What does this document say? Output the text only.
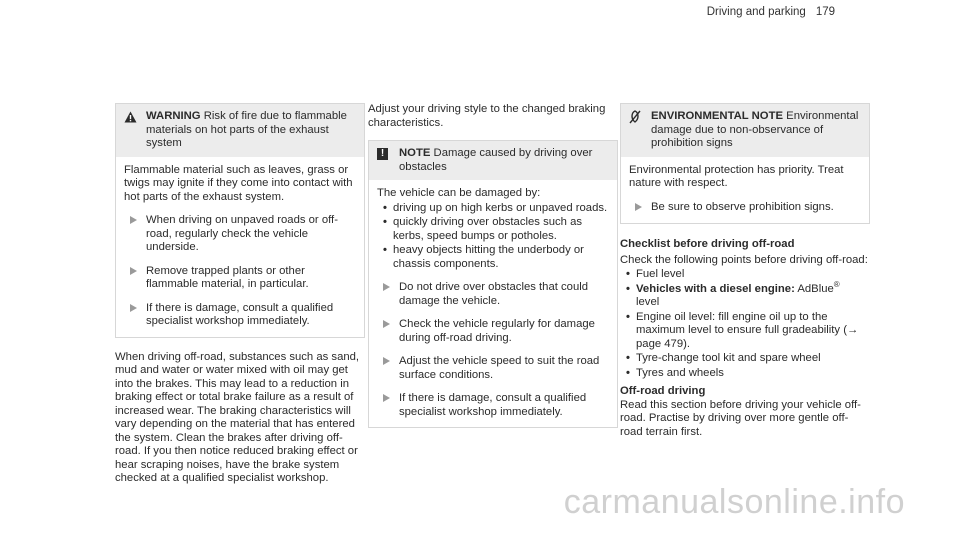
Driving and parking 179
WARNING Risk of fire due to flammable materials on hot parts of the exhaust system

Flammable material such as leaves, grass or twigs may ignite if they come into contact with hot parts of the exhaust system.

When driving on unpaved roads or off-road, regularly check the vehicle underside.
Remove trapped plants or other flammable material, in particular.
If there is damage, consult a qualified specialist workshop immediately.

When driving off-road, substances such as sand, mud and water or water mixed with oil may get into the brakes. This may lead to a reduction in braking effect or total brake failure as a result of increased wear. The braking characteristics will vary depending on the material that has entered the system. Clean the brakes after driving off-road. If you then notice reduced braking effect or hear scraping noises, have the brake system checked at a qualified specialist workshop.

Adjust your driving style to the changed braking characteristics.

!	NOTE Damage caused by driving over obstacles

The vehicle can be damaged by:

• driving up on high kerbs or unpaved roads.
• quickly driving over obstacles such as kerbs, speed bumps or potholes.
• heavy objects hitting the underbody or chassis components.
Do not drive over obstacles that could damage the vehicle.
Check the vehicle regularly for damage during off-road driving.
Adjust the vehicle speed to suit the road surface conditions.
If there is damage, consult a qualified specialist workshop immediately.
ENVIRONMENTAL NOTE Environmental damage due to non-observance of prohibition signs

Environmental protection has priority. Treat nature with respect.

Be sure to observe prohibition signs.

Checklist before driving off-road

Check the following points before driving off-road:

• Fuel level
• Vehicles with a diesel engine: AdBlue®
level
• Engine oil level: fill engine oil up to the maximum level to ensure full gradeability (→ page 479).
• Tyre-change tool kit and spare wheel
• Tyres and wheels

Off-road driving

Read this section before driving your vehicle off-road. Practise by driving over more gentle off-road terrain first.

carmanualsonline.info
